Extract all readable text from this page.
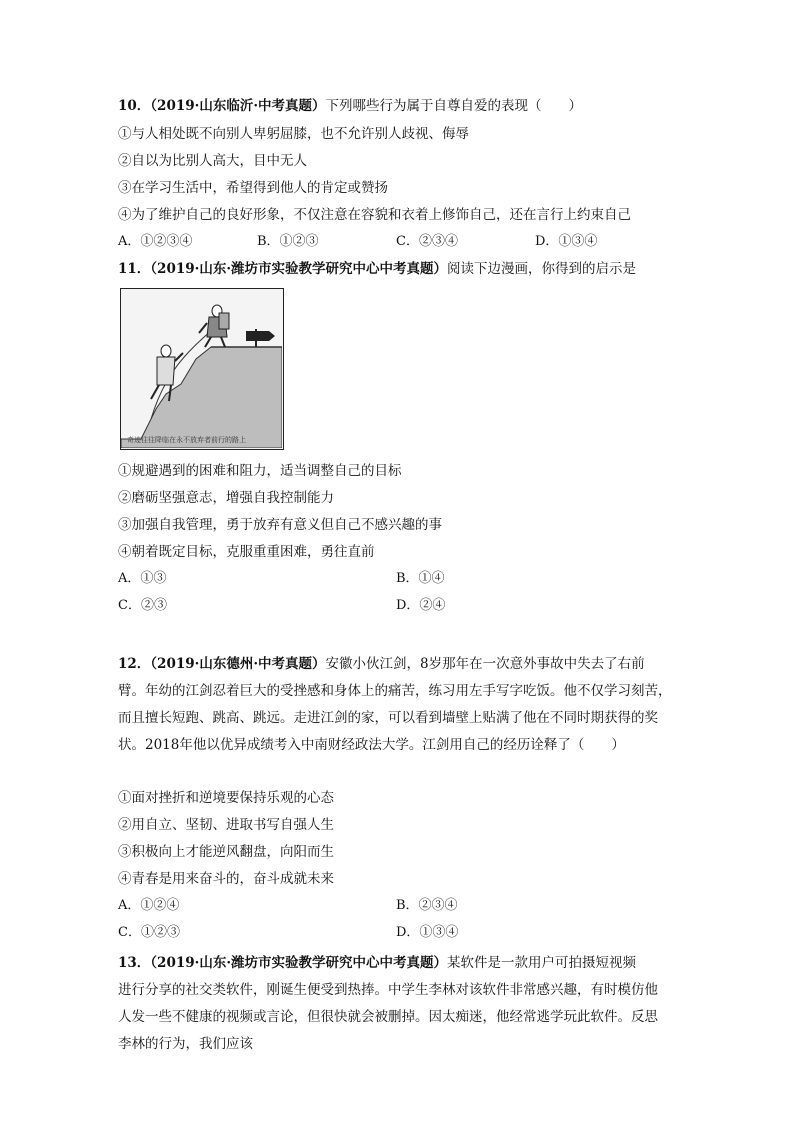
10．（2019·山东临沂·中考真题）下列哪些行为属于自尊自爱的表现（　　）
①与人相处既不向别人卑躬屈膝，也不允许别人歧视、侮辱
②自以为比别人高大，目中无人
③在学习生活中，希望得到他人的肯定或赞扬
④为了维护自己的良好形象，不仅注意在容貌和衣着上修饰自己，还在言行上约束自己
A．①②③④	B．①②③	C．②③④	D．①③④
11．（2019·山东·潍坊市实验教学研究中心中考真题）阅读下边漫画，你得到的启示是
奇迹往往降临在永不放弃者前行的路上
①规避遇到的困难和阻力，适当调整自己的目标
②磨砺坚强意志，增强自我控制能力
③加强自我管理，勇于放弃有意义但自己不感兴趣的事
④朝着既定目标，克服重重困难，勇往直前
A．①③	B．①④
C．②③	D．②④
12．（2019·山东德州·中考真题）安徽小伙江剑，8岁那年在一次意外事故中失去了右前
臂。年幼的江剑忍着巨大的受挫感和身体上的痛苦，练习用左手写字吃饭。他不仅学习刻苦，
而且擅长短跑、跳高、跳远。走进江剑的家，可以看到墙壁上贴满了他在不同时期获得的奖
状。2018年他以优异成绩考入中南财经政法大学。江剑用自己的经历诠释了（　　）
①面对挫折和逆境要保持乐观的心态
②用自立、坚韧、进取书写自强人生
③积极向上才能逆风翻盘，向阳而生
④青春是用来奋斗的，奋斗成就未来
A．①②④	B．②③④
C．①②③	D．①③④
13．（2019·山东·潍坊市实验教学研究中心中考真题）某软件是一款用户可拍摄短视频
进行分享的社交类软件，刚诞生便受到热捧。中学生李林对该软件非常感兴趣，有时模仿他
人发一些不健康的视频或言论，但很快就会被删掉。因太痴迷，他经常逃学玩此软件。反思
李林的行为，我们应该
